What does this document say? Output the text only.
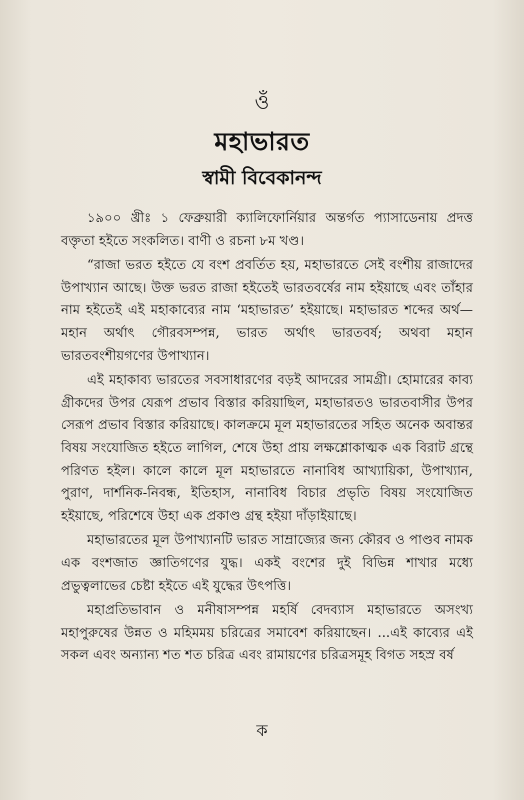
ওঁ
মহাভারত
স্বামী বিবেকানন্দ

১৯০০ খ্রীঃ ১ ফেব্রুয়ারী ক্যালিফোর্নিয়ার অন্তর্গত প্যাসাডেনায় প্রদত্ত বক্তৃতা হইতে সংকলিত। বাণী ও রচনা ৮ম খণ্ড।

“রাজা ভরত হইতে যে বংশ প্রবর্তিত হয়, মহাভারতে সেই বংশীয় রাজাদের উপাখ্যান আছে। উক্ত ভরত রাজা হইতেই ভারতবর্ষের নাম হইয়াছে এবং তাঁহার নাম হইতেই এই মহাকাব্যের নাম ‘মহাভারত’ হইয়াছে। মহাভারত শব্দের অর্থ—মহান অর্থাৎ গৌরবসম্পন্ন, ভারত অর্থাৎ ভারতবর্ষ; অথবা মহান ভারতবংশীয়গণের উপাখ্যান।

এই মহাকাব্য ভারতের সবসাধারণের বড়ই আদরের সামগ্রী। হোমারের কাব্য গ্রীকদের উপর যেরূপ প্রভাব বিস্তার করিয়াছিল, মহাভারতও ভারতবাসীর উপর সেরূপ প্রভাব বিস্তার করিয়াছে। কালক্রমে মূল মহাভারতের সহিত অনেক অবান্তর বিষয় সংযোজিত হইতে লাগিল, শেষে উহা প্রায় লক্ষশ্লোকাত্মক এক বিরাট গ্রন্থে পরিণত হইল। কালে কালে মূল মহাভারতে নানাবিধ আখ্যায়িকা, উপাখ্যান, পুরাণ, দার্শনিক-নিবন্ধ, ইতিহাস, নানাবিধ বিচার প্রভৃতি বিষয় সংযোজিত হইয়াছে, পরিশেষে উহা এক প্রকাণ্ড গ্রন্থ হইয়া দাঁড়াইয়াছে।

মহাভারতের মূল উপাখ্যানটি ভারত সাম্রাজ্যের জন্য কৌরব ও পাণ্ডব নামক এক বংশজাত জ্ঞাতিগণের যুদ্ধ। একই বংশের দুই বিভিন্ন শাখার মধ্যে প্রভুত্বলাভের চেষ্টা হইতে এই যুদ্ধের উৎপত্তি।

মহাপ্রতিভাবান ও মনীষাসম্পন্ন মহর্ষি বেদব্যাস মহাভারতে অসংখ্য মহাপুরুষের উন্নত ও মহিমময় চরিত্রের সমাবেশ করিয়াছেন। ...এই কাব্যের এই সকল এবং অন্যান্য শত শত চরিত্র এবং রামায়ণের চরিত্রসমূহ বিগত সহস্র বর্ষ

ক
